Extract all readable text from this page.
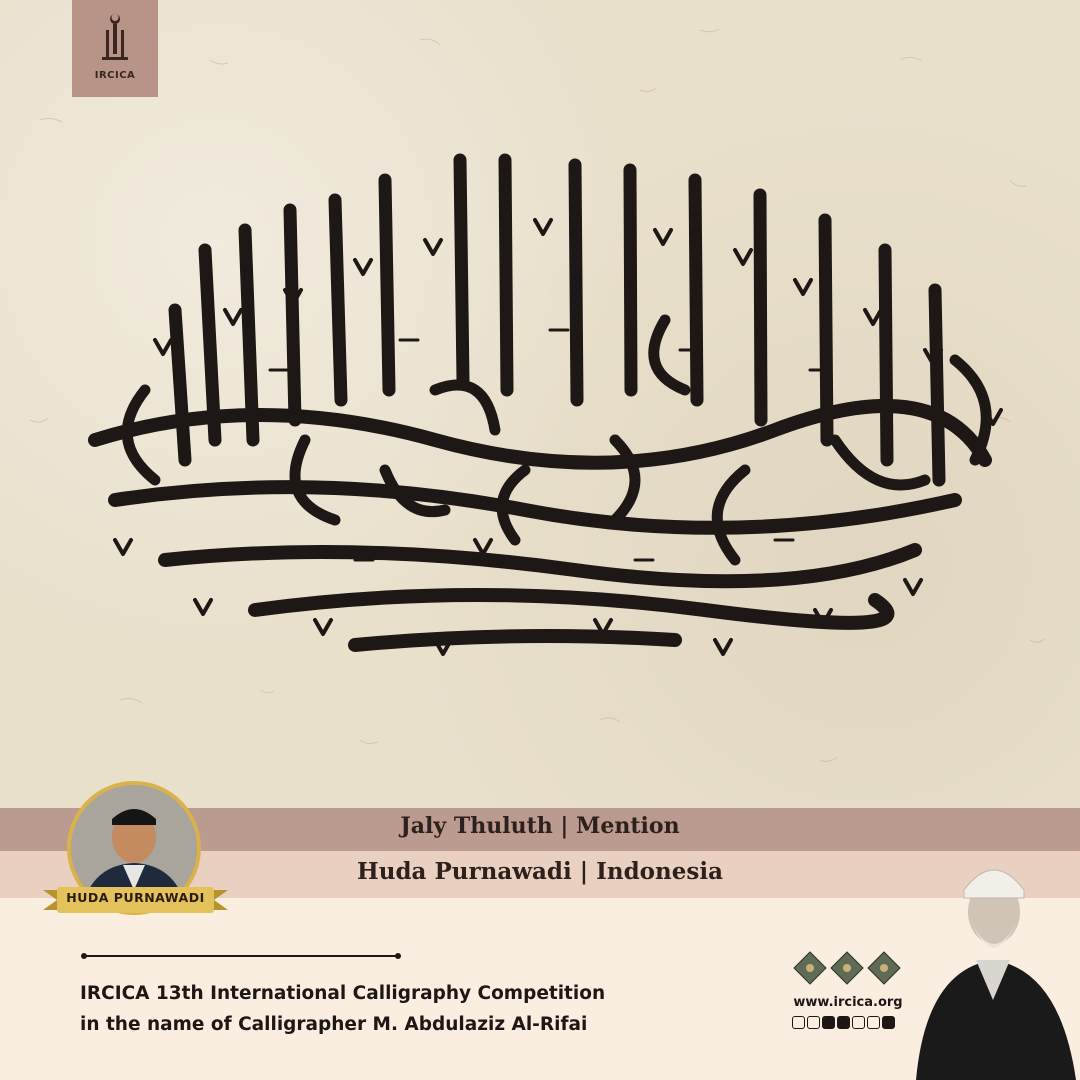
IRCICA
Jaly Thuluth | Mention
Huda Purnawadi | Indonesia
HUDA PURNAWADI
IRCICA 13th International Calligraphy Competition
in the name of Calligrapher M. Abdulaziz Al-Rifai
www.ircica.org
